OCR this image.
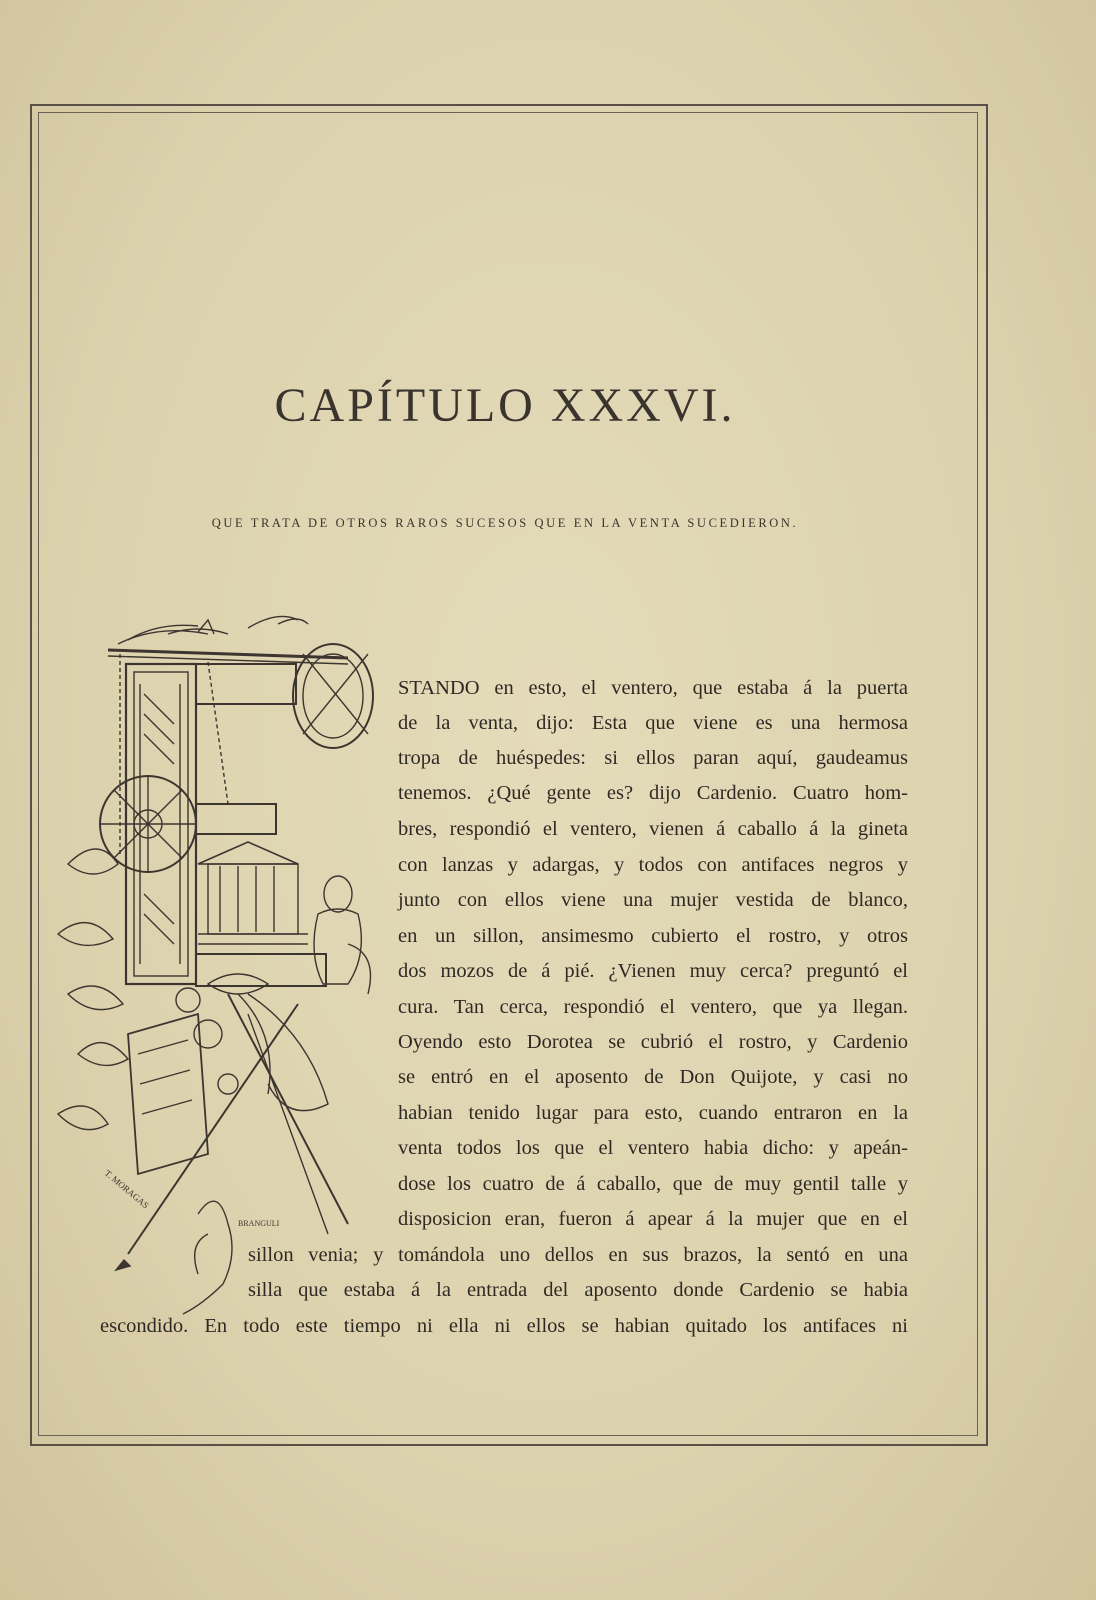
CAPÍTULO XXXVI.
QUE TRATA DE OTROS RAROS SUCESOS QUE EN LA VENTA SUCEDIERON.
T. MORAGAS
BRANGULI
STANDO en esto, el ventero, que estaba á la puerta
de la venta, dijo: Esta que viene es una hermosa
tropa de huéspedes: si ellos paran aquí, gaudeamus
tenemos. ¿Qué gente es? dijo Cardenio. Cuatro hom-
bres, respondió el ventero, vienen á caballo á la gineta
con lanzas y adargas, y todos con antifaces negros y
junto con ellos viene una mujer vestida de blanco,
en un sillon, ansimesmo cubierto el rostro, y otros
dos mozos de á pié. ¿Vienen muy cerca? preguntó el
cura. Tan cerca, respondió el ventero, que ya llegan.
Oyendo esto Dorotea se cubrió el rostro, y Cardenio
se entró en el aposento de Don Quijote, y casi no
habian tenido lugar para esto, cuando entraron en la
venta todos los que el ventero habia dicho: y apeán-
dose los cuatro de á caballo, que de muy gentil talle y
disposicion eran, fueron á apear á la mujer que en el
sillon venia; y tomándola uno dellos en sus brazos, la sentó en una
silla que estaba á la entrada del aposento donde Cardenio se habia
escondido. En todo este tiempo ni ella ni ellos se habian quitado los antifaces ni
